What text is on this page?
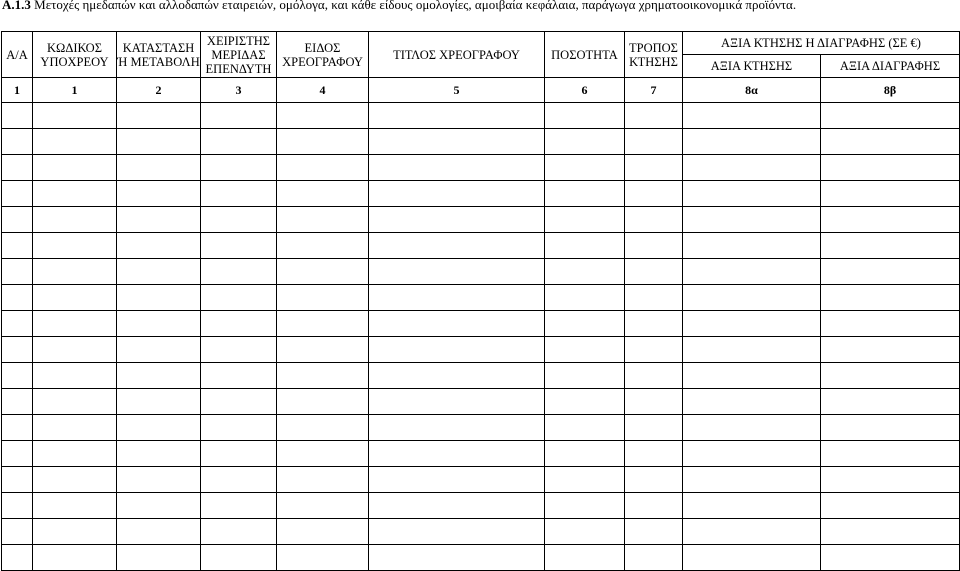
A.1.3 Μετοχές ημεδαπών και αλλοδαπών εταιρειών, ομόλογα, και κάθε είδους ομολογίες, αμοιβαία κεφάλαια, παράγωγα χρηματοοικονομικά προϊόντα.
Α/Α	ΚΩΔΙΚΟΣ ΥΠΟΧΡΕΟΥ	ΚΑΤΑΣΤΑΣΗ Ή ΜΕΤΑΒΟΛΗ	ΧΕΙΡΙΣΤΗΣ ΜΕΡΙΔΑΣ ΕΠΕΝΔΥΤΗ	ΕΙΔΟΣ ΧΡΕΟΓΡΑΦΟΥ	ΤΙΤΛΟΣ ΧΡΕΟΓΡΑΦΟΥ	ΠΟΣΟΤΗΤΑ	ΤΡΟΠΟΣ ΚΤΗΣΗΣ	ΑΞΙΑ ΚΤΗΣΗΣ Η ΔΙΑΓΡΑΦΗΣ (ΣΕ €)	
								ΑΞΙΑ ΚΤΗΣΗΣ	ΑΞΙΑ ΔΙΑΓΡΑΦΗΣ
1	1	2	3	4	5	6	7	8α	8β
